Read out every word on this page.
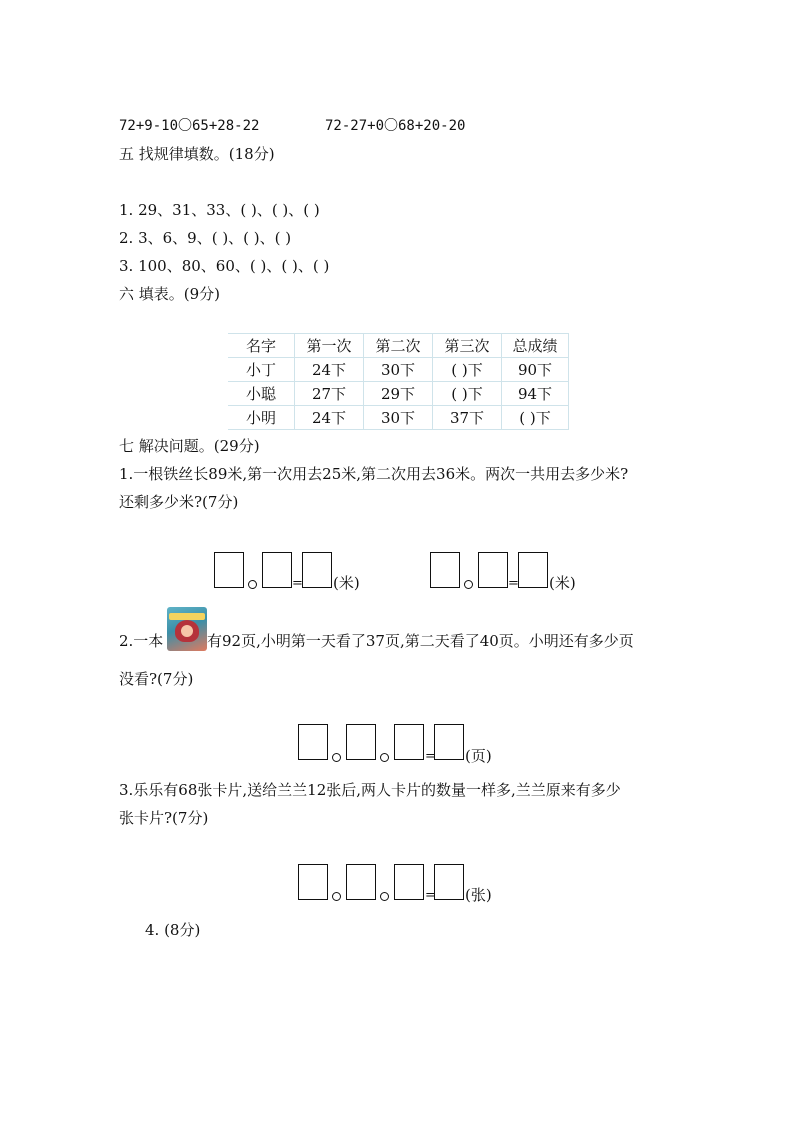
72+9-10〇65+28-22	72-27+0〇68+20-20
五 找规律填数。(18分)
1. 29、31、33、( )、( )、( )
2. 3、6、9、( )、( )、( )
3. 100、80、60、( )、( )、( )
六 填表。(9分)
名字	第一次	第二次	第三次	总成绩
小丁	24下	30下	( )下	90下
小聪	27下	29下	( )下	94下
小明	24下	30下	37下	( )下
七 解决问题。(29分)
1.一根铁丝长89米,第一次用去25米,第二次用去36米。两次一共用去多少米?
还剩多少米?(7分)
= (米)	= (米)
2.一本	有92页,小明第一天看了37页,第二天看了40页。小明还有多少页
没看?(7分)
= (页)
3.乐乐有68张卡片,送给兰兰12张后,两人卡片的数量一样多,兰兰原来有多少
张卡片?(7分)
= (张)
4. (8分)
